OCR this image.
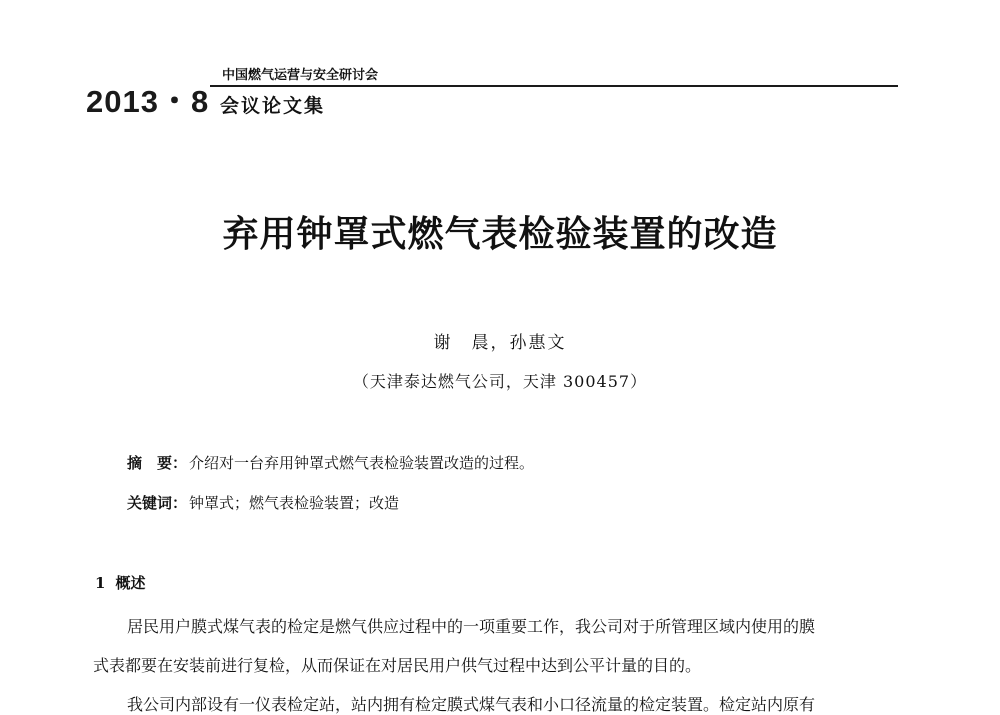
2013・8
中国燃气运营与安全研讨会
会议论文集
弃用钟罩式燃气表检验装置的改造
谢　晨，孙惠文
（天津泰达燃气公司，天津 300457）
摘　要： 介绍对一台弃用钟罩式燃气表检验装置改造的过程。
关键词： 钟罩式；燃气表检验装置；改造
1 概述
居民用户膜式煤气表的检定是燃气供应过程中的一项重要工作，我公司对于所管理区域内使用的膜
式表都要在安装前进行复检，从而保证在对居民用户供气过程中达到公平计量的目的。
我公司内部设有一仪表检定站，站内拥有检定膜式煤气表和小口径流量的检定装置。检定站内原有
